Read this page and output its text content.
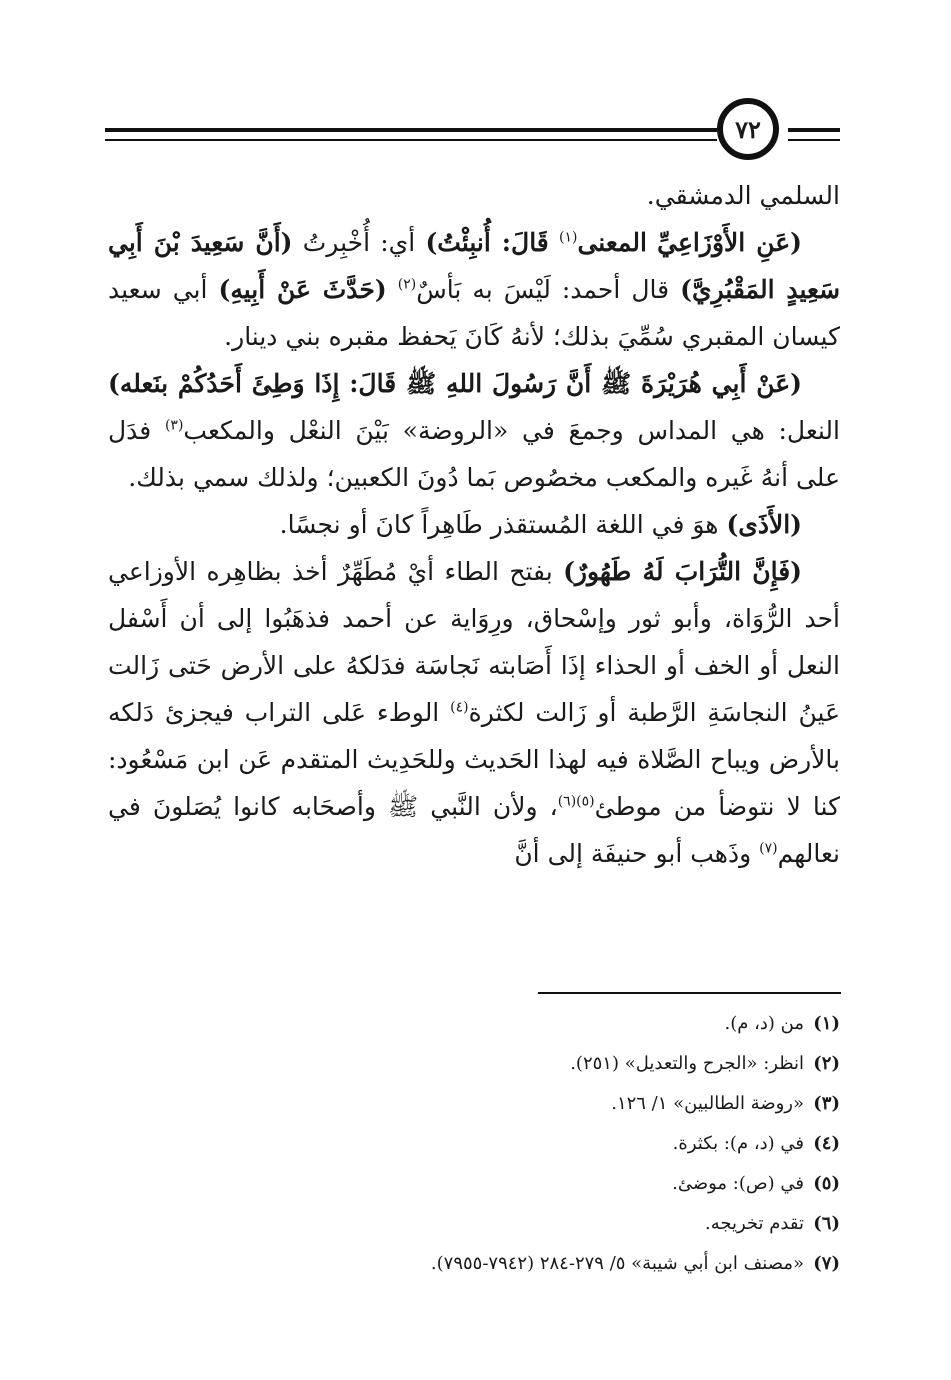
٧٢

السلمي الدمشقي.

(عَنِ الأَوْزَاعِيِّ المعنى$^{(١)}$ قَالَ: أُنبِئْتُ) أي: أُخْبِرتُ (أَنَّ سَعِيدَ بْنَ أَبِي سَعِيدٍ المَقْبُرِيَّ) قال أحمد: لَيْسَ به بَأسٌ$^{(٢)}$ (حَدَّثَ عَنْ أَبِيهِ) أبي سعيد كيسان المقبري سُمِّيَ بذلك؛ لأنهُ كَانَ يَحفظ مقبره بني دينار.

(عَنْ أَبِي هُرَيْرَةَ ﷺ أَنَّ رَسُولَ اللهِ ﷺ قَالَ: إِذَا وَطِئَ أَحَدُكُمْ بنَعله) النعل: هي المداس وجمعَ في «الروضة» بَيْنَ النعْل والمكعب$^{(٣)}$ فدَل على أنهُ غَيره والمكعب مخصُوص بَما دُونَ الكعبين؛ ولذلك سمي بذلك.

(الأَذَى) هوَ في اللغة المُستقذر طَاهِراً كانَ أو نجسًا.

(فَإِنَّ التُّرَابَ لَهُ طَهُورٌ) بفتح الطاء أيْ مُطَهِّرٌ أخذ بظاهِره الأوزاعي أحد الرُّوَاة، وأبو ثور وإسْحاق، ورِوَاية عن أحمد فذهَبُوا إلى أن أَسْفل النعل أو الخف أو الحذاء إذَا أَصَابته نَجاسَة فدَلكهُ على الأرض حَتى زَالت عَينُ النجاسَةِ الرَّطبة أو زَالت لكثرة$^{(٤)}$ الوطء عَلى التراب فيجزئ دَلكه بالأرض ويباح الصَّلاة فيه لهذا الحَديث وللحَدِيث المتقدم عَن ابن مَسْعُود: كنا لا نتوضأ من موطئ$^{(٥)(٦)}$، ولأن النَّبي ﷺ وأصحَابه كانوا يُصَلونَ في نعالهم$^{(٧)}$ وذَهب أبو حنيفَة إلى أنَّ

(١)
من (د، م).
(٢)
انظر: «الجرح والتعديل» (٢٥١).
(٣)
«روضة الطالبين» ١/ ١٢٦.
(٤)
في (د، م): بكثرة.
(٥)
في (ص): موضئ.
(٦)
تقدم تخريجه.
(٧)
«مصنف ابن أبي شيبة» ٥/ ٢٧٩-٢٨٤ (٧٩٤٢-٧٩٥٥).
